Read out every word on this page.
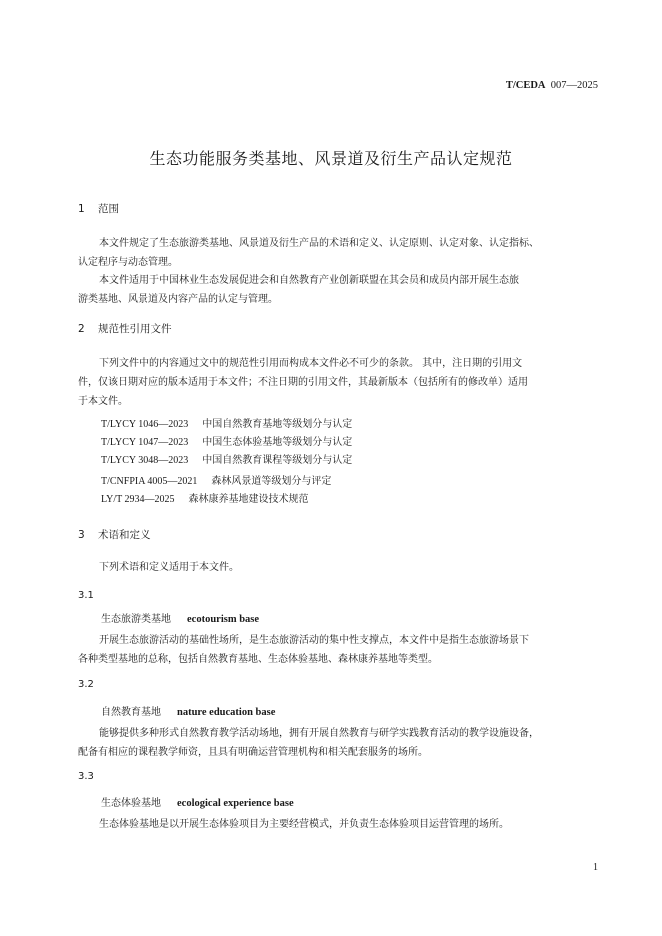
T/CEDA 007—2025
生态功能服务类基地、风景道及衍生产品认定规范
1 范围
本文件规定了生态旅游类基地、风景道及衍生产品的术语和定义、认定原则、认定对象、认定指标、
认定程序与动态管理。
本文件适用于中国林业生态发展促进会和自然教育产业创新联盟在其会员和成员内部开展生态旅
游类基地、风景道及内容产品的认定与管理。
2 规范性引用文件
下列文件中的内容通过文中的规范性引用而构成本文件必不可少的条款。 其中，注日期的引用文
件，仅该日期对应的版本适用于本文件；不注日期的引用文件，其最新版本（包括所有的修改单）适用
于本文件。
T/LYCY 1046—2023 中国自然教育基地等级划分与认定
T/LYCY 1047—2023 中国生态体验基地等级划分与认定
T/LYCY 3048—2023 中国自然教育课程等级划分与认定
T/CNFPIA 4005—2021 森林风景道等级划分与评定
LY/T 2934—2025 森林康养基地建设技术规范
3 术语和定义
下列术语和定义适用于本文件。
3.1
生态旅游类基地 ecotourism base
开展生态旅游活动的基础性场所，是生态旅游活动的集中性支撑点，本文件中是指生态旅游场景下
各种类型基地的总称，包括自然教育基地、生态体验基地、森林康养基地等类型。
3.2
自然教育基地 nature education base
能够提供多种形式自然教育教学活动场地，拥有开展自然教育与研学实践教育活动的教学设施设备，
配备有相应的课程教学师资，且具有明确运营管理机构和相关配套服务的场所。
3.3
生态体验基地 ecological experience base
生态体验基地是以开展生态体验项目为主要经营模式，并负责生态体验项目运营管理的场所。
1
